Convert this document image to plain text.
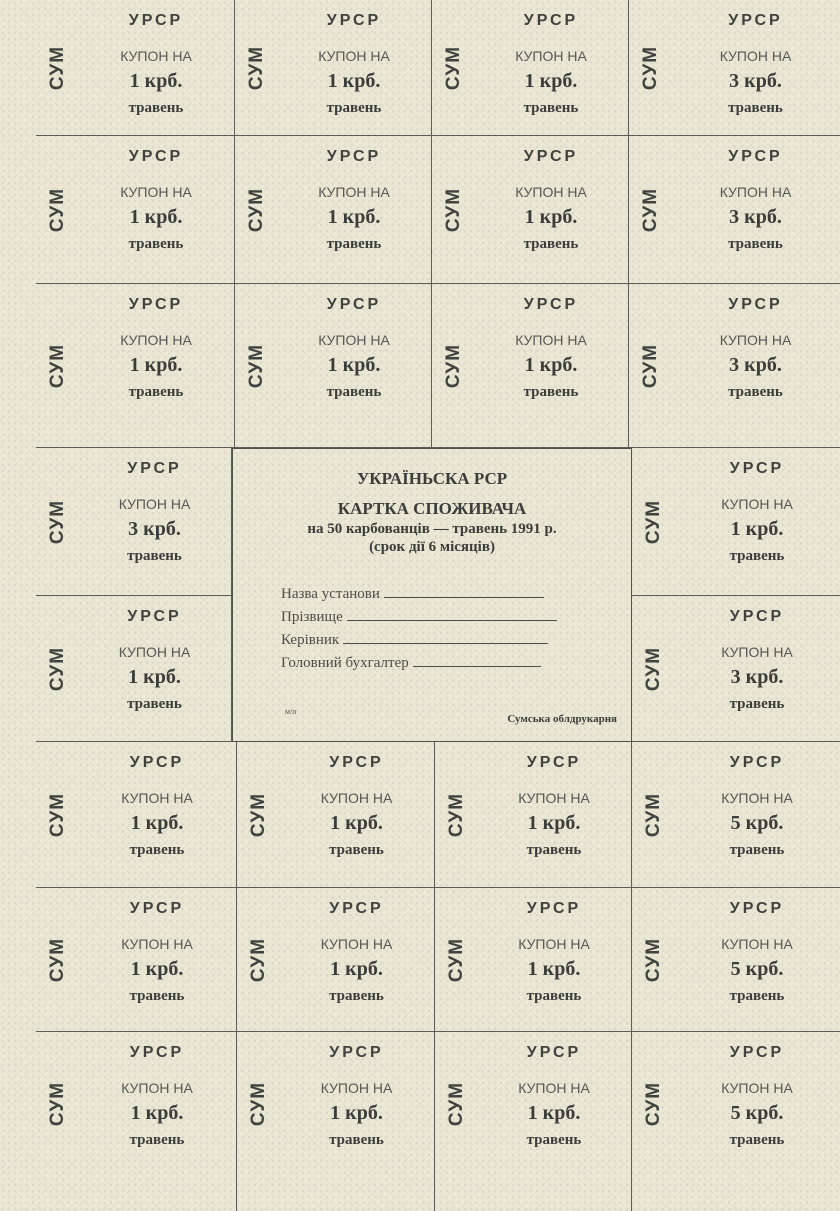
СУМ
УРСР
КУПОН НА
1 крб.
травень
СУМ
УРСР
КУПОН НА
1 крб.
травень
СУМ
УРСР
КУПОН НА
1 крб.
травень
СУМ
УРСР
КУПОН НА
3 крб.
травень
СУМ
УРСР
КУПОН НА
1 крб.
травень
СУМ
УРСР
КУПОН НА
1 крб.
травень
СУМ
УРСР
КУПОН НА
1 крб.
травень
СУМ
УРСР
КУПОН НА
3 крб.
травень
СУМ
УРСР
КУПОН НА
1 крб.
травень
СУМ
УРСР
КУПОН НА
1 крб.
травень
СУМ
УРСР
КУПОН НА
1 крб.
травень
СУМ
УРСР
КУПОН НА
3 крб.
травень
СУМ
УРСР
КУПОН НА
3 крб.
травень
СУМ
УРСР
КУПОН НА
1 крб.
травень
СУМ
УРСР
КУПОН НА
1 крб.
травень
СУМ
УРСР
КУПОН НА
3 крб.
травень
УКРАЇНЬСКА РСР
КАРТКА СПОЖИВАЧА
на 50 карбованців — травень 1991 р.
(срок дії 6 місяців)
Назва установи
Прізвище
Керівник
Головний бухгалтер
м/п
Сумська облдрукарня
СУМ
УРСР
КУПОН НА
1 крб.
травень
СУМ
УРСР
КУПОН НА
1 крб.
травень
СУМ
УРСР
КУПОН НА
1 крб.
травень
СУМ
УРСР
КУПОН НА
5 крб.
травень
СУМ
УРСР
КУПОН НА
1 крб.
травень
СУМ
УРСР
КУПОН НА
1 крб.
травень
СУМ
УРСР
КУПОН НА
1 крб.
травень
СУМ
УРСР
КУПОН НА
5 крб.
травень
СУМ
УРСР
КУПОН НА
1 крб.
травень
СУМ
УРСР
КУПОН НА
1 крб.
травень
СУМ
УРСР
КУПОН НА
1 крб.
травень
СУМ
УРСР
КУПОН НА
5 крб.
травень
